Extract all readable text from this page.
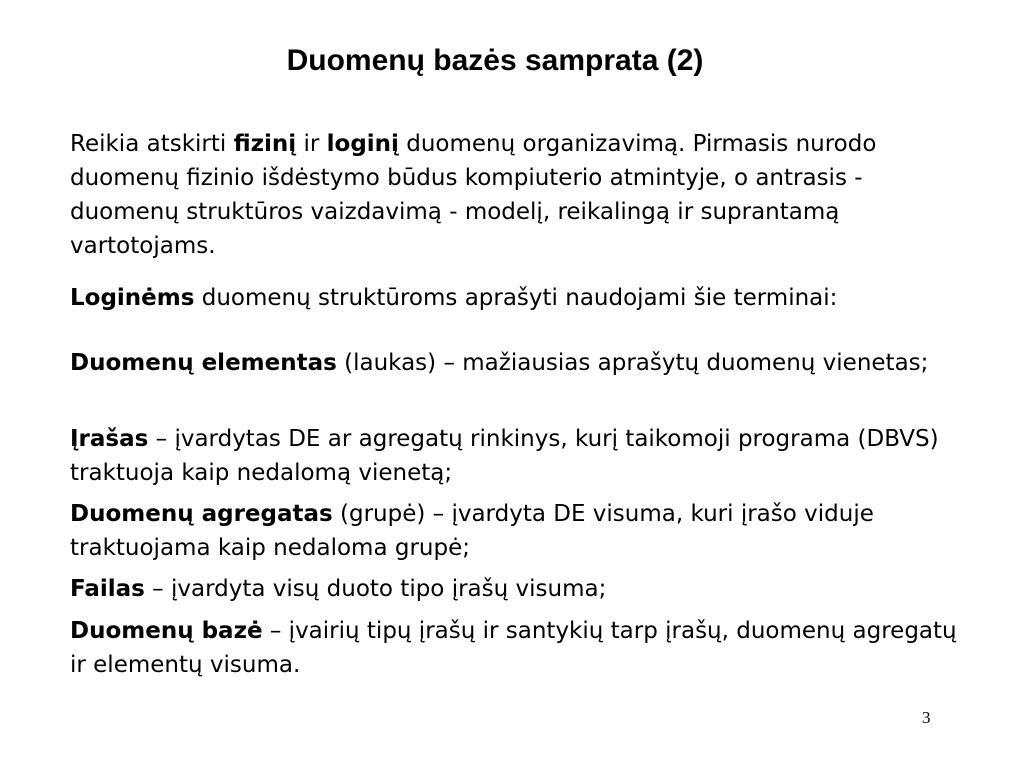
Duomenų bazės samprata (2)

Reikia atskirti fizinį ir loginį duomenų organizavimą. Pirmasis nurodo duomenų fizinio išdėstymo būdus kompiuterio atmintyje, o antrasis - duomenų struktūros vaizdavimą - modelį, reikalingą ir suprantamą vartotojams.

Loginėms duomenų struktūroms aprašyti naudojami šie terminai:

Duomenų elementas (laukas) – mažiausias aprašytų duomenų vienetas;

Įrašas – įvardytas DE ar agregatų rinkinys, kurį taikomoji programa (DBVS) traktuoja kaip nedalomą vienetą;

Duomenų agregatas (grupė) – įvardyta DE visuma, kuri įrašo viduje traktuojama kaip nedaloma grupė;

Failas – įvardyta visų duoto tipo įrašų visuma;

Duomenų bazė – įvairių tipų įrašų ir santykių tarp įrašų, duomenų agregatų ir elementų visuma.

3
